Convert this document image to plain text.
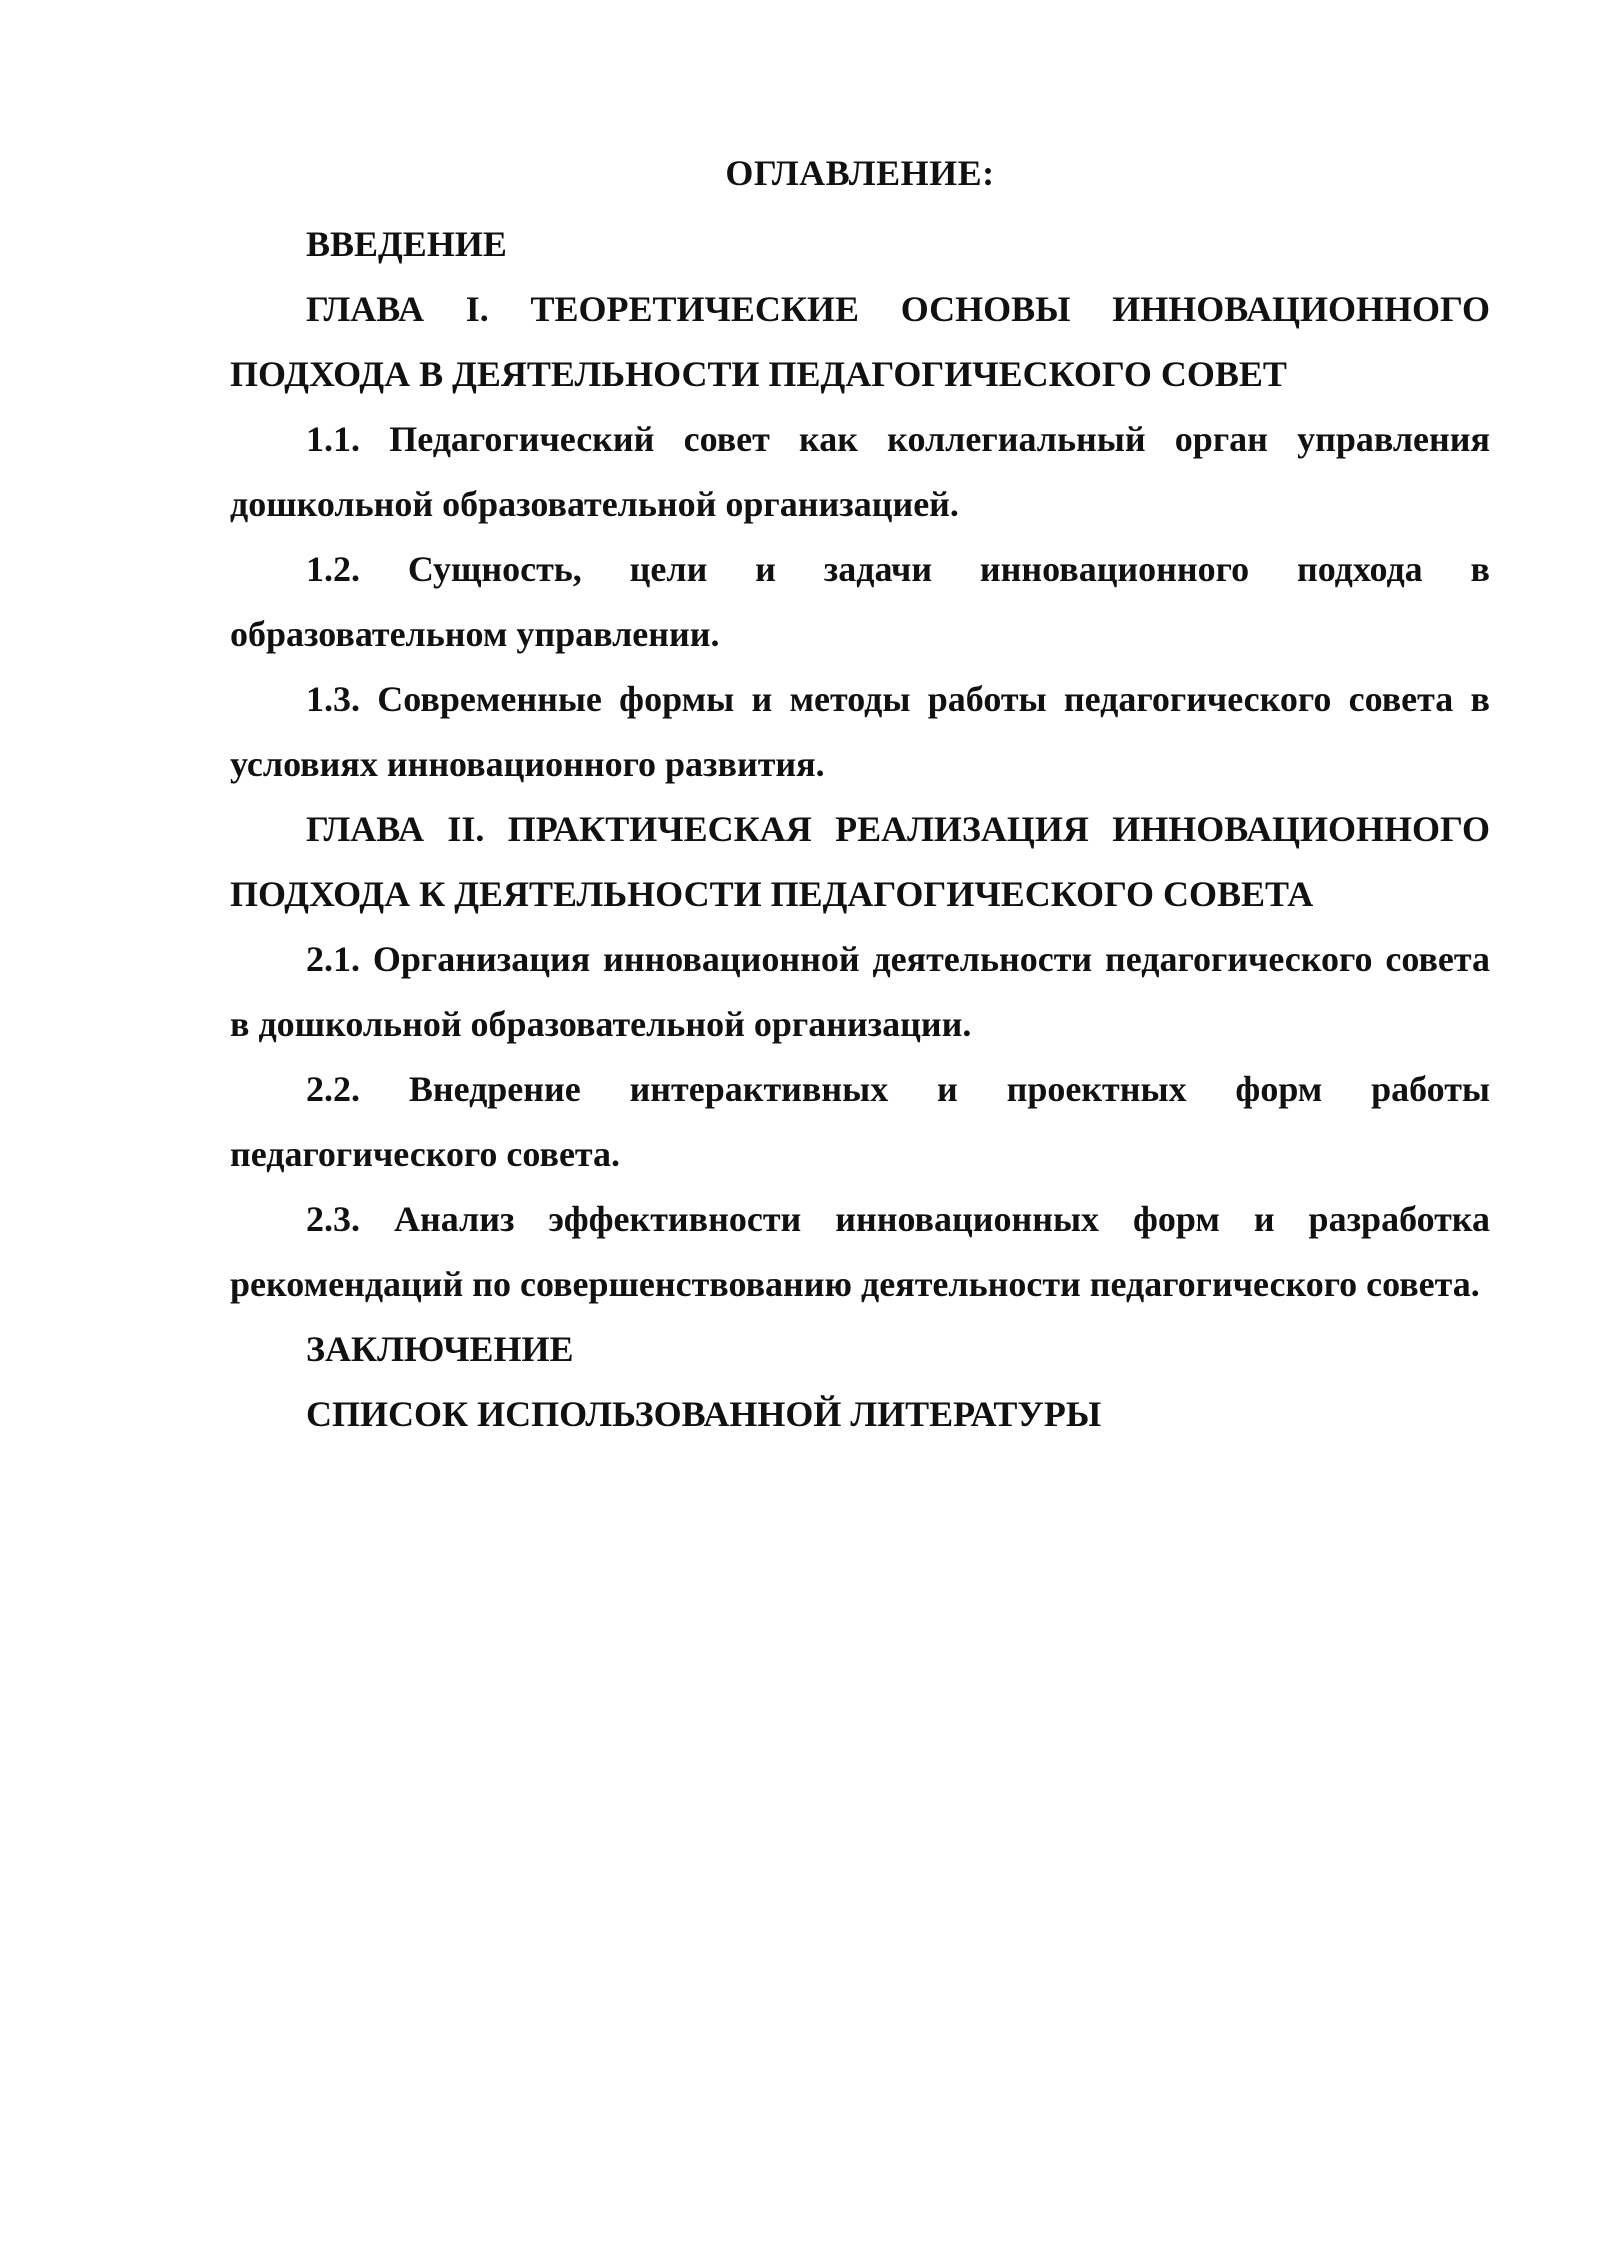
ОГЛАВЛЕНИЕ:

ВВЕДЕНИЕ

ГЛАВА I. ТЕОРЕТИЧЕСКИЕ ОСНОВЫ ИННОВАЦИОННОГО ПОДХОДА В ДЕЯТЕЛЬНОСТИ ПЕДАГОГИЧЕСКОГО СОВЕТ

1.1. Педагогический совет как коллегиальный орган управления дошкольной образовательной организацией.

1.2. Сущность, цели и задачи инновационного подхода в образовательном управлении.

1.3. Современные формы и методы работы педагогического совета в условиях инновационного развития.

ГЛАВА II. ПРАКТИЧЕСКАЯ РЕАЛИЗАЦИЯ ИННОВАЦИОННОГО ПОДХОДА К ДЕЯТЕЛЬНОСТИ ПЕДАГОГИЧЕСКОГО СОВЕТА

2.1. Организация инновационной деятельности педагогического совета в дошкольной образовательной организации.

2.2. Внедрение интерактивных и проектных форм работы педагогического совета.

2.3. Анализ эффективности инновационных форм и разработка рекомендаций по совершенствованию деятельности педагогического совета.

ЗАКЛЮЧЕНИЕ

СПИСОК ИСПОЛЬЗОВАННОЙ ЛИТЕРАТУРЫ
